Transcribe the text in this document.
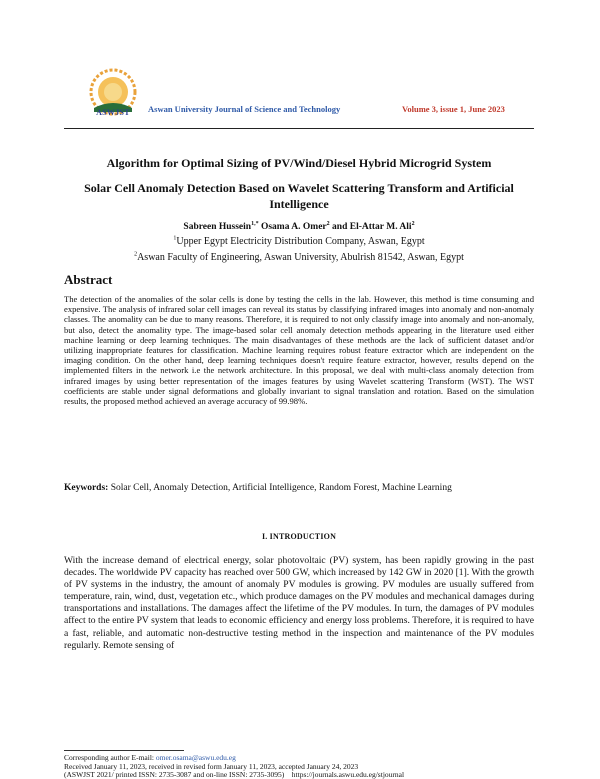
ASWJST	Aswan University Journal of Science and Technology	Volume 3, issue 1, June 2023
Algorithm for Optimal Sizing of PV/Wind/Diesel Hybrid Microgrid System
Solar Cell Anomaly Detection Based on Wavelet Scattering Transform and Artificial Intelligence
Sabreen Hussein$^{1,*}$ Osama A. Omer$^2$ and El-Attar M. Ali$^2$
$^1$Upper Egypt Electricity Distribution Company, Aswan, Egypt
$^2$Aswan Faculty of Engineering, Aswan University, Abulrish 81542, Aswan, Egypt
Abstract
The detection of the anomalies of the solar cells is done by testing the cells in the lab. However, this method is time consuming and expensive. The analysis of infrared solar cell images can reveal its status by classifying infrared images into anomaly and non-anomaly classes. The anomality can be due to many reasons. Therefore, it is required to not only classify image into anomaly and non-anomaly, but also, detect the anomality type. The image-based solar cell anomaly detection methods appearing in the literature used either machine learning or deep learning techniques. The main disadvantages of these methods are the lack of sufficient dataset and/or utilizing inappropriate features for classification. Machine learning requires robust feature extractor which are independent on the imaging condition. On the other hand, deep learning techniques doesn't require feature extractor, however, results depend on the implemented filters in the network i.e the network architecture. In this proposal, we deal with multi-class anomaly detection from infrared images by using better representation of the images features by using Wavelet scattering Transform (WST). The WST coefficients are stable under signal deformations and globally invariant to signal translation and rotation. Based on the simulation results, the proposed method achieved an average accuracy of 99.98%.
Keywords: Solar Cell, Anomaly Detection, Artificial Intelligence, Random Forest, Machine Learning
I. INTRODUCTION
With the increase demand of electrical energy, solar photovoltaic (PV) system, has been rapidly growing in the past decades. The worldwide PV capacity has reached over 500 GW, which increased by 142 GW in 2020 [1]. With the growth of PV systems in the industry, the amount of anomaly PV modules is growing. PV modules are usually suffered from temperature, rain, wind, dust, vegetation etc., which produce damages on the PV modules and mechanical damages during transportations and installations. The damages affect the lifetime of the PV modules. In turn, the damages of PV modules affect to the entire PV system that leads to economic efficiency and energy loss problems. Therefore, it is required to have a fast, reliable, and automatic non-destructive testing method in the inspection and maintenance of the PV modules regularly. Remote sensing of
Corresponding author E-mail: omer.osama@aswu.edu.eg
Received January 11, 2023, received in revised form January 11, 2023, accepted January 24, 2023
(ASWJST 2021/ printed ISSN: 2735-3087 and on-line ISSN: 2735-3095) https://journals.aswu.edu.eg/stjournal
